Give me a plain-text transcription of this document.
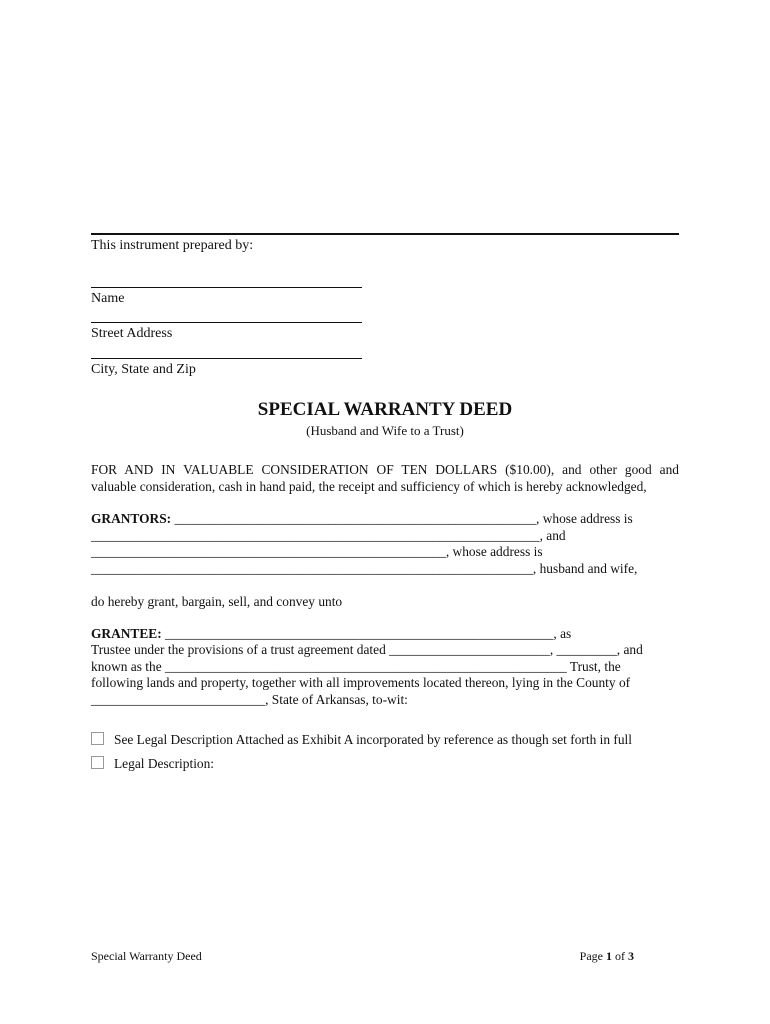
This instrument prepared by:
Name
Street Address
City, State and Zip
SPECIAL WARRANTY DEED
(Husband and Wife to a Trust)
FOR AND IN VALUABLE CONSIDERATION OF TEN DOLLARS ($10.00), and other good and
valuable consideration, cash in hand paid, the receipt and sufficiency of which is hereby acknowledged,
GRANTORS: ______________________________________________________, whose address is
___________________________________________________________________, and
_____________________________________________________, whose address is
__________________________________________________________________, husband and wife,
do hereby grant, bargain, sell, and convey unto
GRANTEE: __________________________________________________________, as
Trustee under the provisions of a trust agreement dated ________________________, _________, and
known as the ____________________________________________________________ Trust, the
following lands and property, together with all improvements located thereon, lying in the County of
__________________________, State of Arkansas, to-wit:
See Legal Description Attached as Exhibit A incorporated by reference as though set forth in full
Legal Description:
Special Warranty Deed	Page 1 of 3
